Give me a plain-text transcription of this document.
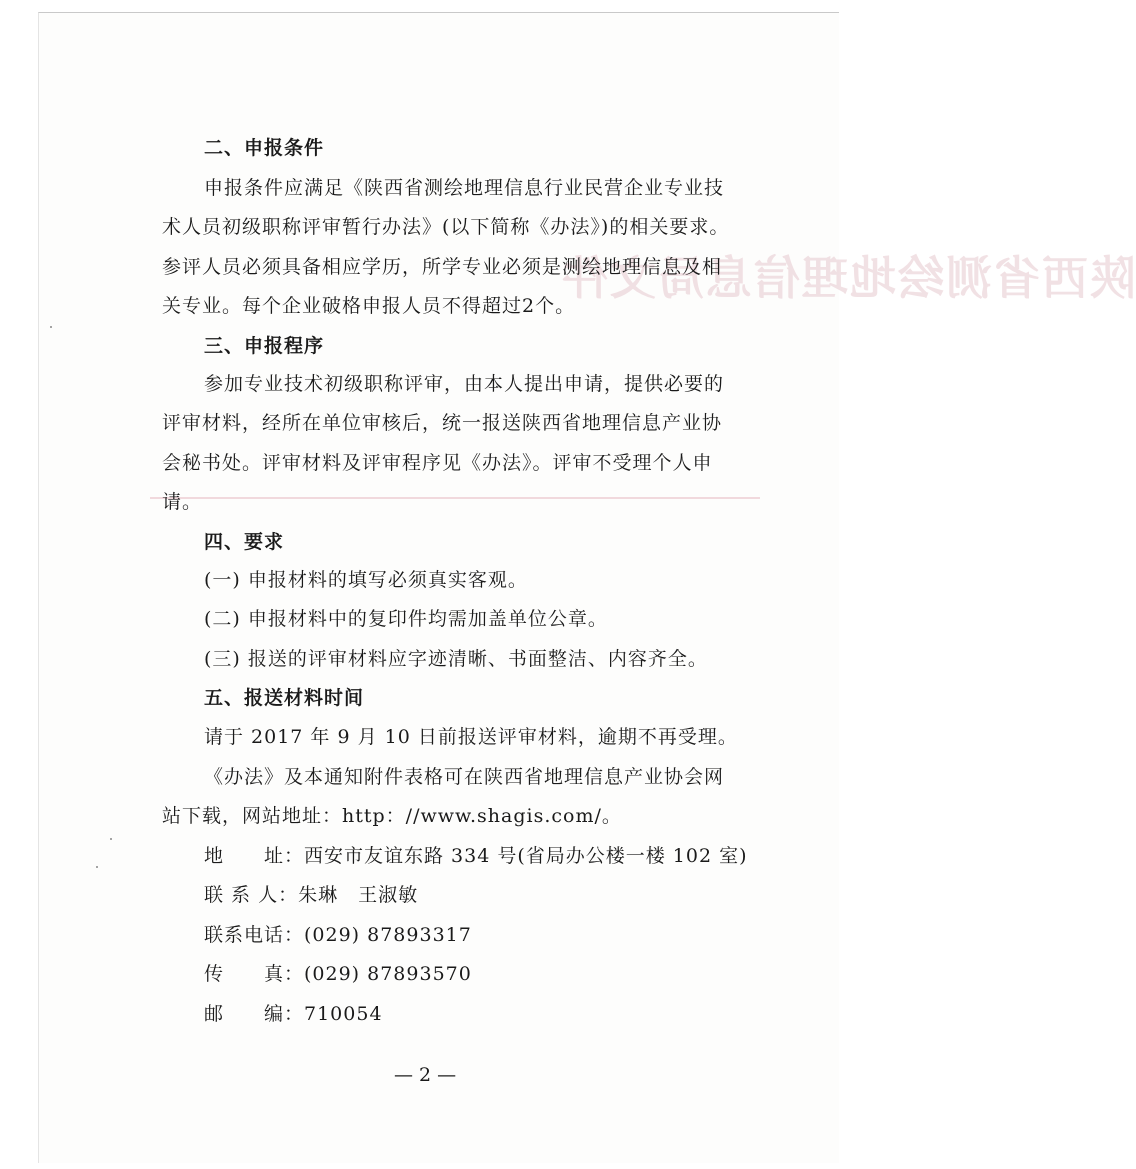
陕西省测绘地理信息局文件
二、申报条件
申报条件应满足《陕西省测绘地理信息行业民营企业专业技
术人员初级职称评审暂行办法》(以下简称《办法》)的相关要求。
参评人员必须具备相应学历，所学专业必须是测绘地理信息及相
关专业。每个企业破格申报人员不得超过2个。
三、申报程序
参加专业技术初级职称评审，由本人提出申请，提供必要的
评审材料，经所在单位审核后，统一报送陕西省地理信息产业协
会秘书处。评审材料及评审程序见《办法》。评审不受理个人申
请。
四、要求
(一) 申报材料的填写必须真实客观。
(二) 申报材料中的复印件均需加盖单位公章。
(三) 报送的评审材料应字迹清晰、书面整洁、内容齐全。
五、报送材料时间
请于 2017 年 9 月 10 日前报送评审材料，逾期不再受理。
《办法》及本通知附件表格可在陕西省地理信息产业协会网
站下载，网站地址：http：//www.shagis.com/。
地　　址：西安市友谊东路 334 号(省局办公楼一楼 102 室)
联 系 人：朱琳　王淑敏
联系电话：(029) 87893317
传　　真：(029) 87893570
邮　　编：710054
— 2 —
